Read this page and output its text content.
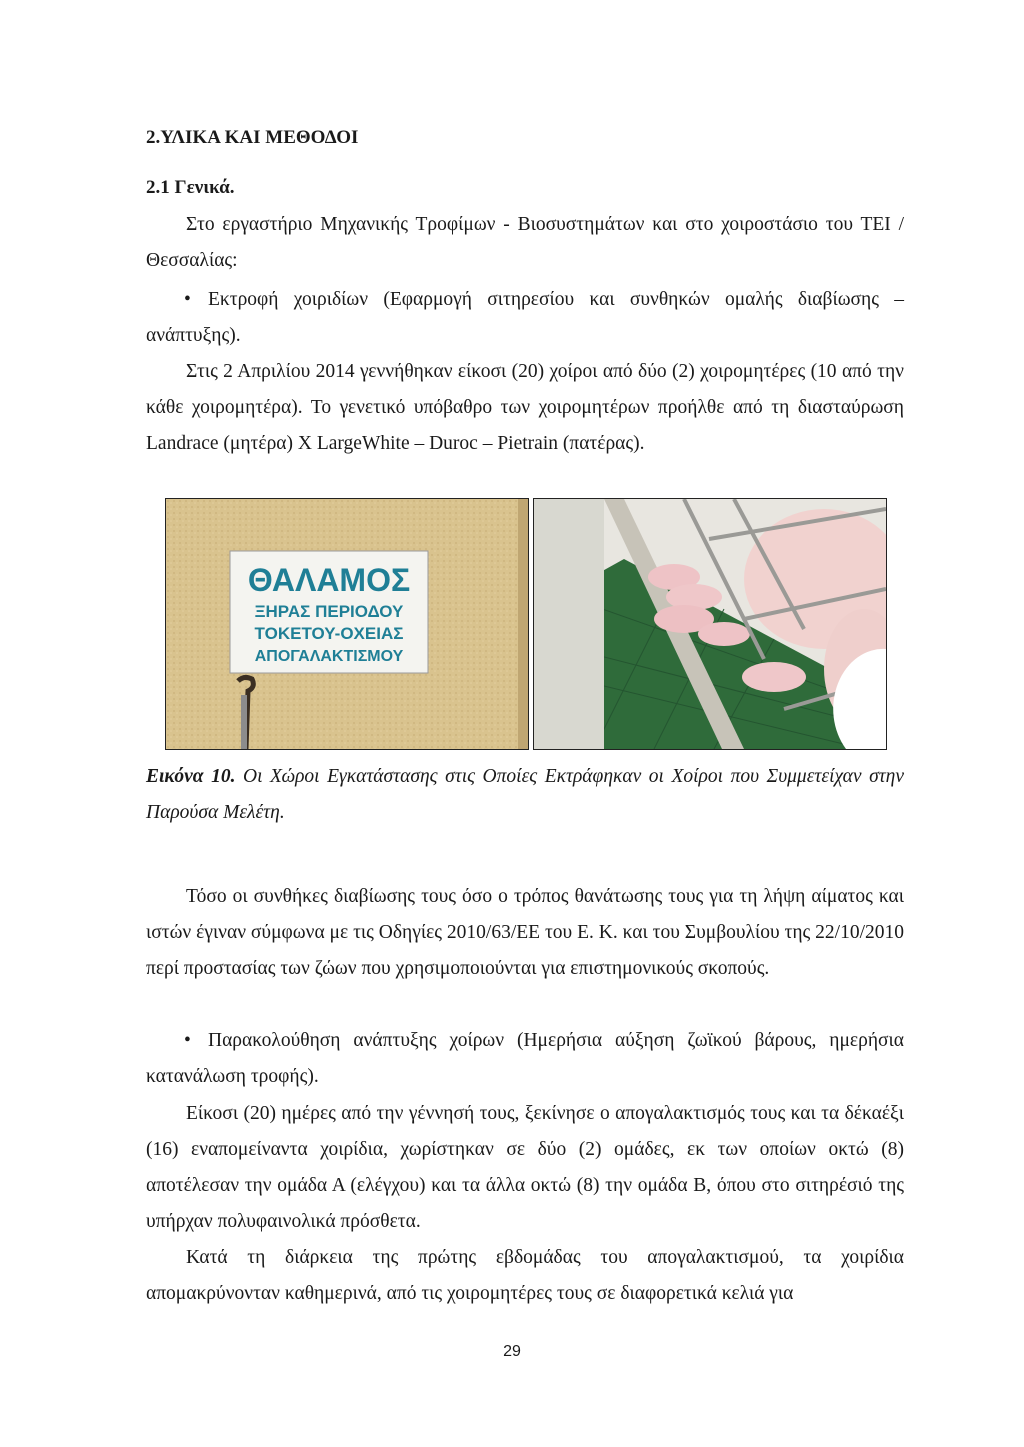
2.ΥΛΙΚΑ ΚΑΙ ΜΕΘΟΔΟΙ
2.1 Γενικά.
Στο εργαστήριο Μηχανικής Τροφίμων - Βιοσυστημάτων και στο χοιροστάσιο του ΤΕΙ / Θεσσαλίας:
• Εκτροφή χοιριδίων (Εφαρμογή σιτηρεσίου και συνθηκών ομαλής διαβίωσης –
ανάπτυξης).
Στις 2 Απριλίου 2014 γεννήθηκαν είκοσι (20) χοίροι από δύο (2) χοιρομητέρες (10 από την κάθε χοιρομητέρα). Το γενετικό υπόβαθρο των χοιρομητέρων προήλθε από τη διασταύρωση Landrace (μητέρα) X LargeWhite – Duroc – Pietrain (πατέρας).
ΘΑΛΑΜΟΣ
ΞΗΡΑΣ ΠΕΡΙΟΔΟΥ
ΤΟΚΕΤΟΥ-ΟΧΕΙΑΣ
ΑΠΟΓΑΛΑΚΤΙΣΜΟΥ
Εικόνα 10. Οι Χώροι Εγκατάστασης στις Οποίες Εκτράφηκαν οι Χοίροι που Συμμετείχαν στην Παρούσα Μελέτη.
Τόσο οι συνθήκες διαβίωσης τους όσο ο τρόπος θανάτωσης τους για τη λήψη αίματος και ιστών έγιναν σύμφωνα με τις Οδηγίες 2010/63/ΕΕ του Ε. Κ. και του Συμβουλίου της 22/10/2010 περί προστασίας των ζώων που χρησιμοποιούνται για επιστημονικούς σκοπούς.
• Παρακολούθηση ανάπτυξης χοίρων (Ημερήσια αύξηση ζωϊκού βάρους, ημερήσια
κατανάλωση τροφής).
Είκοσι (20) ημέρες από την γέννησή τους, ξεκίνησε ο απογαλακτισμός τους και τα δέκαέξι (16) εναπομείναντα χοιρίδια, χωρίστηκαν σε δύο (2) ομάδες, εκ των οποίων οκτώ (8) αποτέλεσαν την ομάδα Α (ελέγχου) και τα άλλα οκτώ (8) την ομάδα Β, όπου στο σιτηρέσιό της υπήρχαν πολυφαινολικά πρόσθετα.
Κατά τη διάρκεια της πρώτης εβδομάδας του απογαλακτισμού, τα χοιρίδια απομακρύνονταν καθημερινά, από τις χοιρομητέρες τους σε διαφορετικά κελιά για
29
